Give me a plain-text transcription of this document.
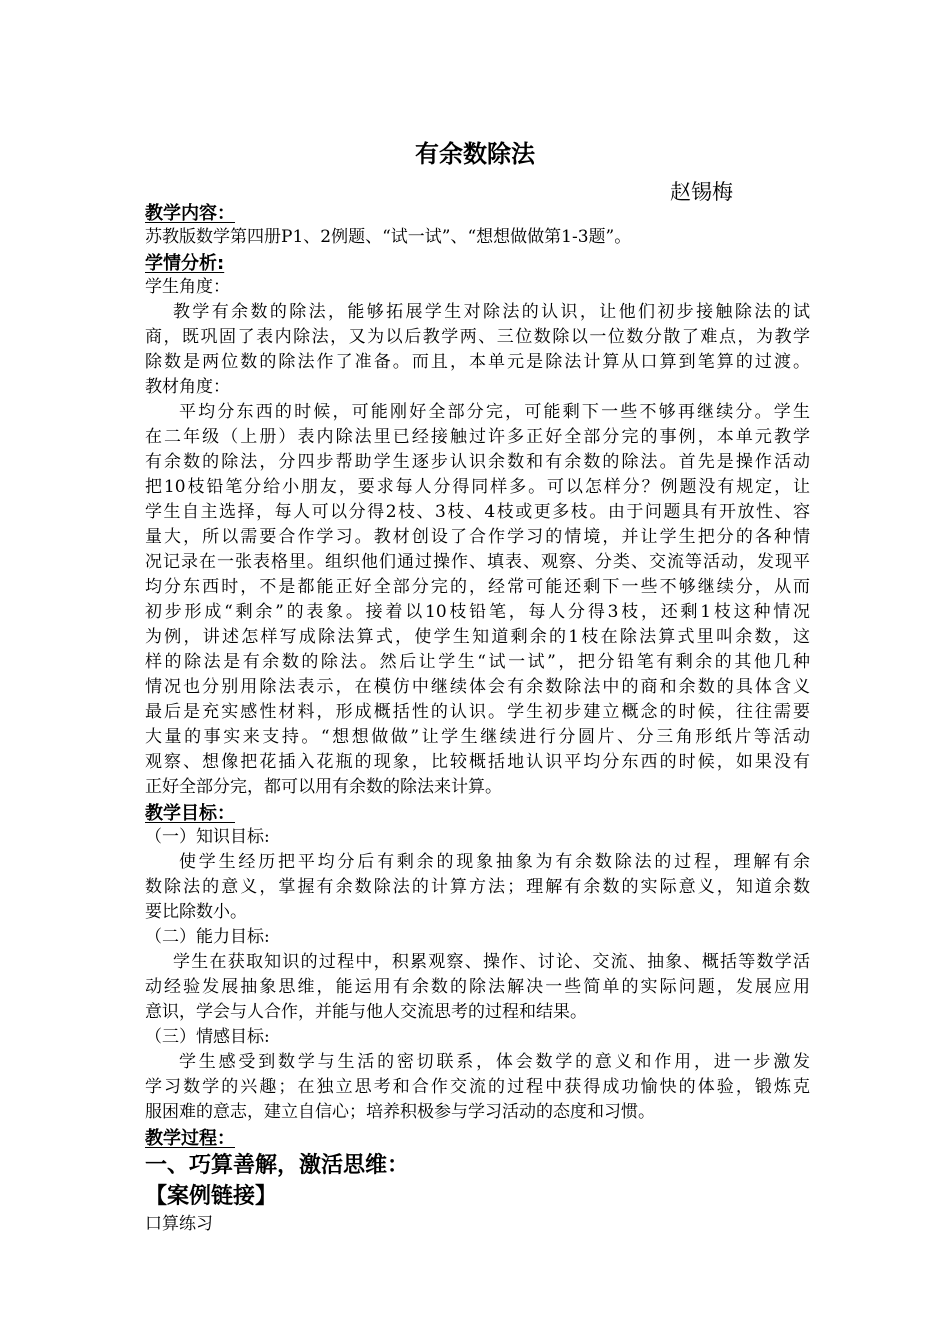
有余数除法
赵锡梅
教学内容：
苏教版数学第四册P1、2例题、“试一试”、“想想做做第1-3题”。
学情分析:
学生角度：
教学有余数的除法，能够拓展学生对除法的认识，让他们初步接触除法的试
商，既巩固了表内除法，又为以后教学两、三位数除以一位数分散了难点，为教学
除数是两位数的除法作了准备。而且，本单元是除法计算从口算到笔算的过渡。
教材角度：
平均分东西的时候，可能刚好全部分完，可能剩下一些不够再继续分。学生
在二年级（上册）表内除法里已经接触过许多正好全部分完的事例，本单元教学
有余数的除法，分四步帮助学生逐步认识余数和有余数的除法。首先是操作活动
把10枝铅笔分给小朋友，要求每人分得同样多。可以怎样分？例题没有规定，让
学生自主选择，每人可以分得2枝、3枝、4枝或更多枝。由于问题具有开放性、容
量大，所以需要合作学习。教材创设了合作学习的情境，并让学生把分的各种情
况记录在一张表格里。组织他们通过操作、填表、观察、分类、交流等活动，发现平
均分东西时，不是都能正好全部分完的，经常可能还剩下一些不够继续分，从而
初步形成“剩余”的表象。接着以10枝铅笔，每人分得3枝，还剩1枝这种情况
为例，讲述怎样写成除法算式，使学生知道剩余的1枝在除法算式里叫余数，这
样的除法是有余数的除法。然后让学生“试一试”，把分铅笔有剩余的其他几种
情况也分别用除法表示，在模仿中继续体会有余数除法中的商和余数的具体含义
最后是充实感性材料，形成概括性的认识。学生初步建立概念的时候，往往需要
大量的事实来支持。“想想做做”让学生继续进行分圆片、分三角形纸片等活动
观察、想像把花插入花瓶的现象，比较概括地认识平均分东西的时候，如果没有
正好全部分完，都可以用有余数的除法来计算。
教学目标：
（一）知识目标:
使学生经历把平均分后有剩余的现象抽象为有余数除法的过程，理解有余
数除法的意义，掌握有余数除法的计算方法；理解有余数的实际意义，知道余数
要比除数小。
（二）能力目标:
学生在获取知识的过程中，积累观察、操作、讨论、交流、抽象、概括等数学活
动经验发展抽象思维，能运用有余数的除法解决一些简单的实际问题，发展应用
意识，学会与人合作，并能与他人交流思考的过程和结果。
（三）情感目标:
学生感受到数学与生活的密切联系，体会数学的意义和作用，进一步激发
学习数学的兴趣；在独立思考和合作交流的过程中获得成功愉快的体验，锻炼克
服困难的意志，建立自信心；培养积极参与学习活动的态度和习惯。
教学过程：
一、巧算善解，激活思维：
【案例链接】
口算练习
